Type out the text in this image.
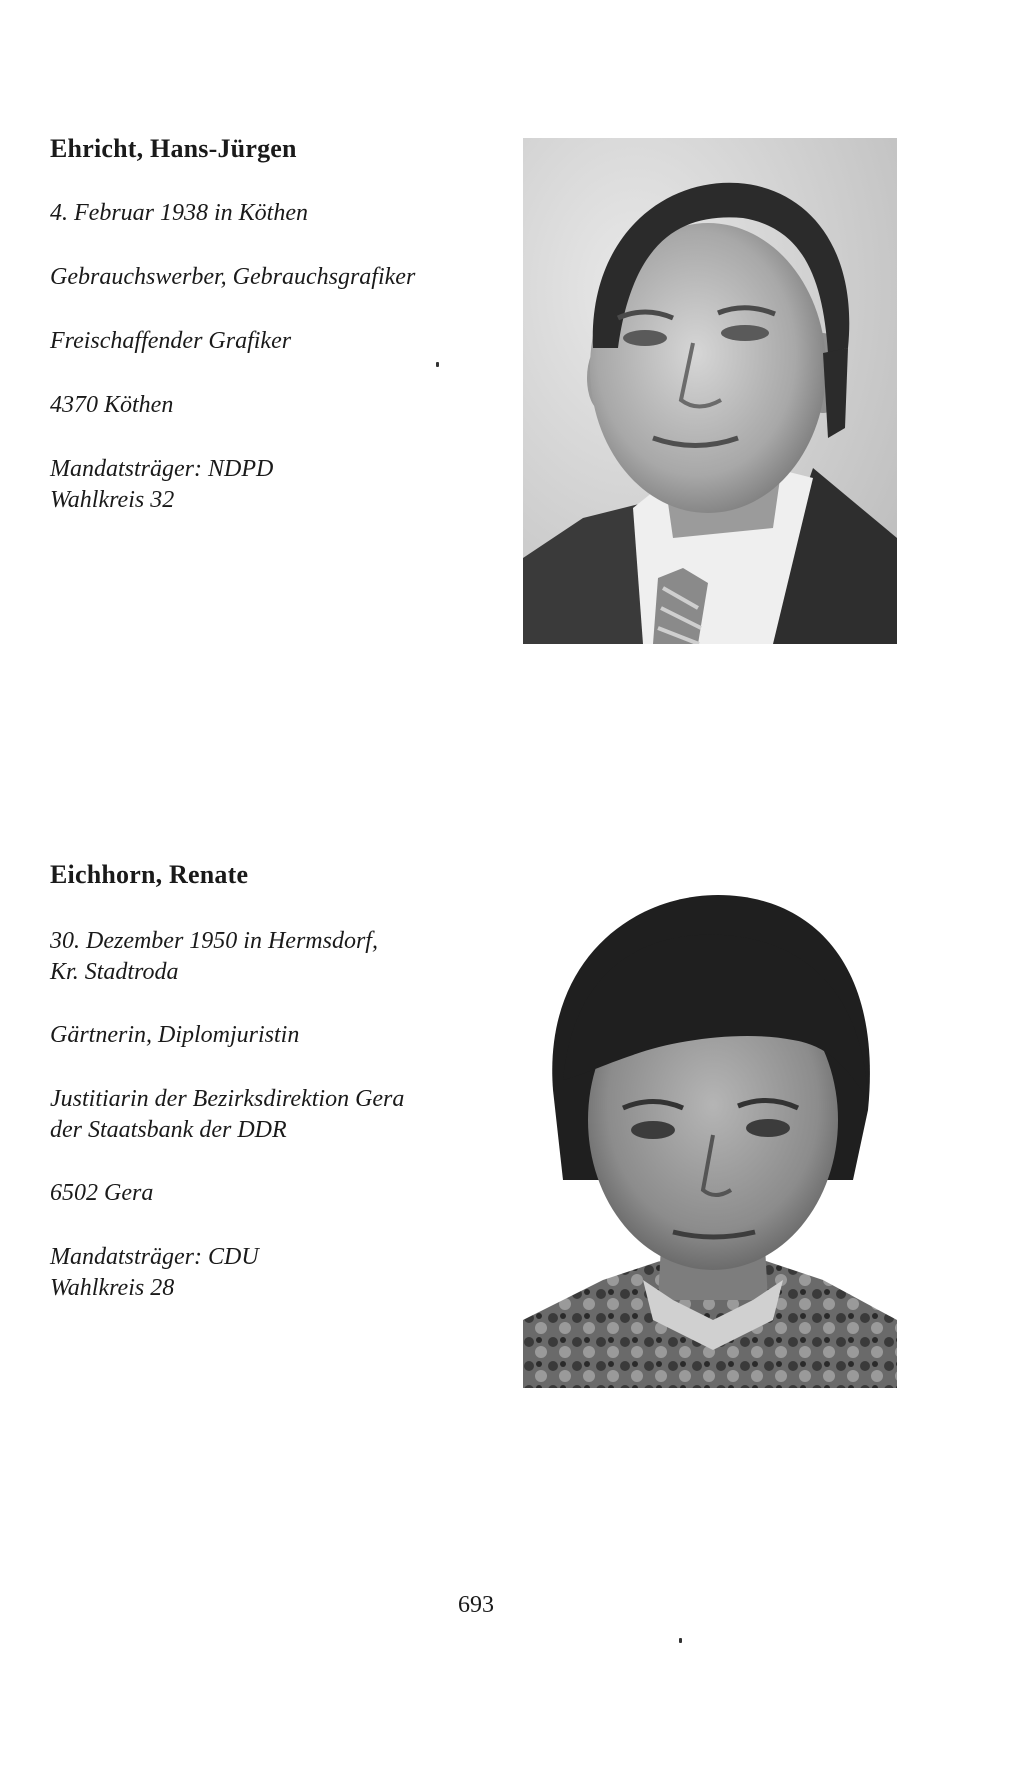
Ehricht, Hans-Jürgen

4. Februar 1938 in Köthen

Gebrauchswerber, Gebrauchsgrafiker

Freischaffender Grafiker

4370 Köthen

Mandatsträger: NDPD

Wahlkreis 32

Eichhorn, Renate

30. Dezember 1950 in Hermsdorf,

Kr. Stadtroda

Gärtnerin, Diplomjuristin

Justitiarin der Bezirksdirektion Gera

der Staatsbank der DDR

6502 Gera

Mandatsträger: CDU

Wahlkreis 28

693
